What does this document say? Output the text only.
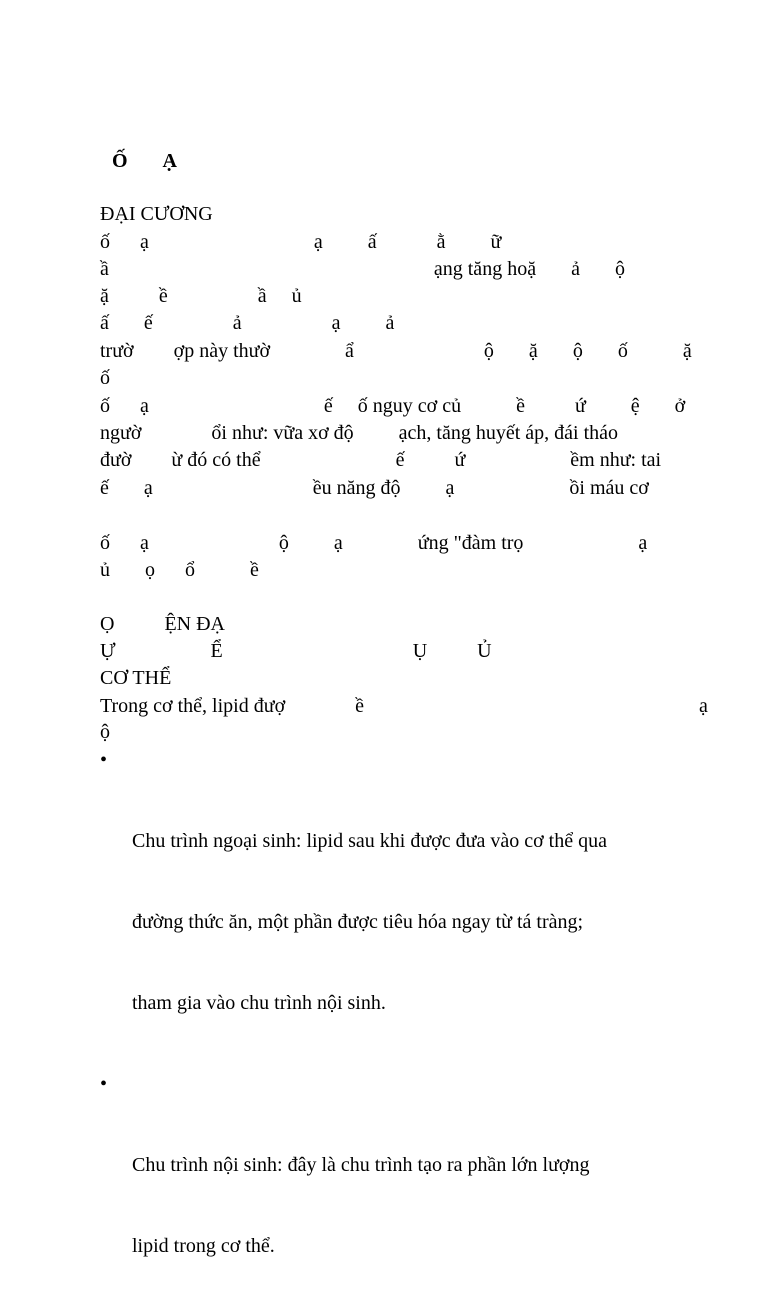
Ố       Ạ
ĐẠI CƯƠNG
ố      ạ                                 ạ         ấ            ằ         ữ
ầ                                                                 ạng tăng hoặ       ả       ộ
ặ          ề                  ầ     ủ
ấ       ế                ả                  ạ         ả
trườ        ợp này thườ               ẩ                          ộ       ặ       ộ       ố           ặ
ố
ố      ạ                                   ế     ố nguy cơ củ           ề          ứ         ệ       ở
ngườ              ổi như: vữa xơ độ         ạch, tăng huyết áp, đái tháo
đườ        ừ đó có thể                           ế          ứ                     ềm như: tai
ế       ạ                                ều năng độ         ạ                       ồi máu cơ
ố      ạ                          ộ         ạ               ứng "đàm trọ                       ạ
ủ       ọ      ổ           ề
Ọ          ỆN ĐẠ
Ự                   Ể                                      Ụ          Ủ
CƠ THỂ
Trong cơ thể, lipid đượ              ề                                                                   ạ
ộ

•

Chu trình ngoại sinh: lipid sau khi được đưa vào cơ thể qua

đường thức ăn, một phần được tiêu hóa ngay từ tá tràng;

tham gia vào chu trình nội sinh.

•

Chu trình nội sinh: đây là chu trình tạo ra phần lớn lượng

lipid trong cơ thể.
